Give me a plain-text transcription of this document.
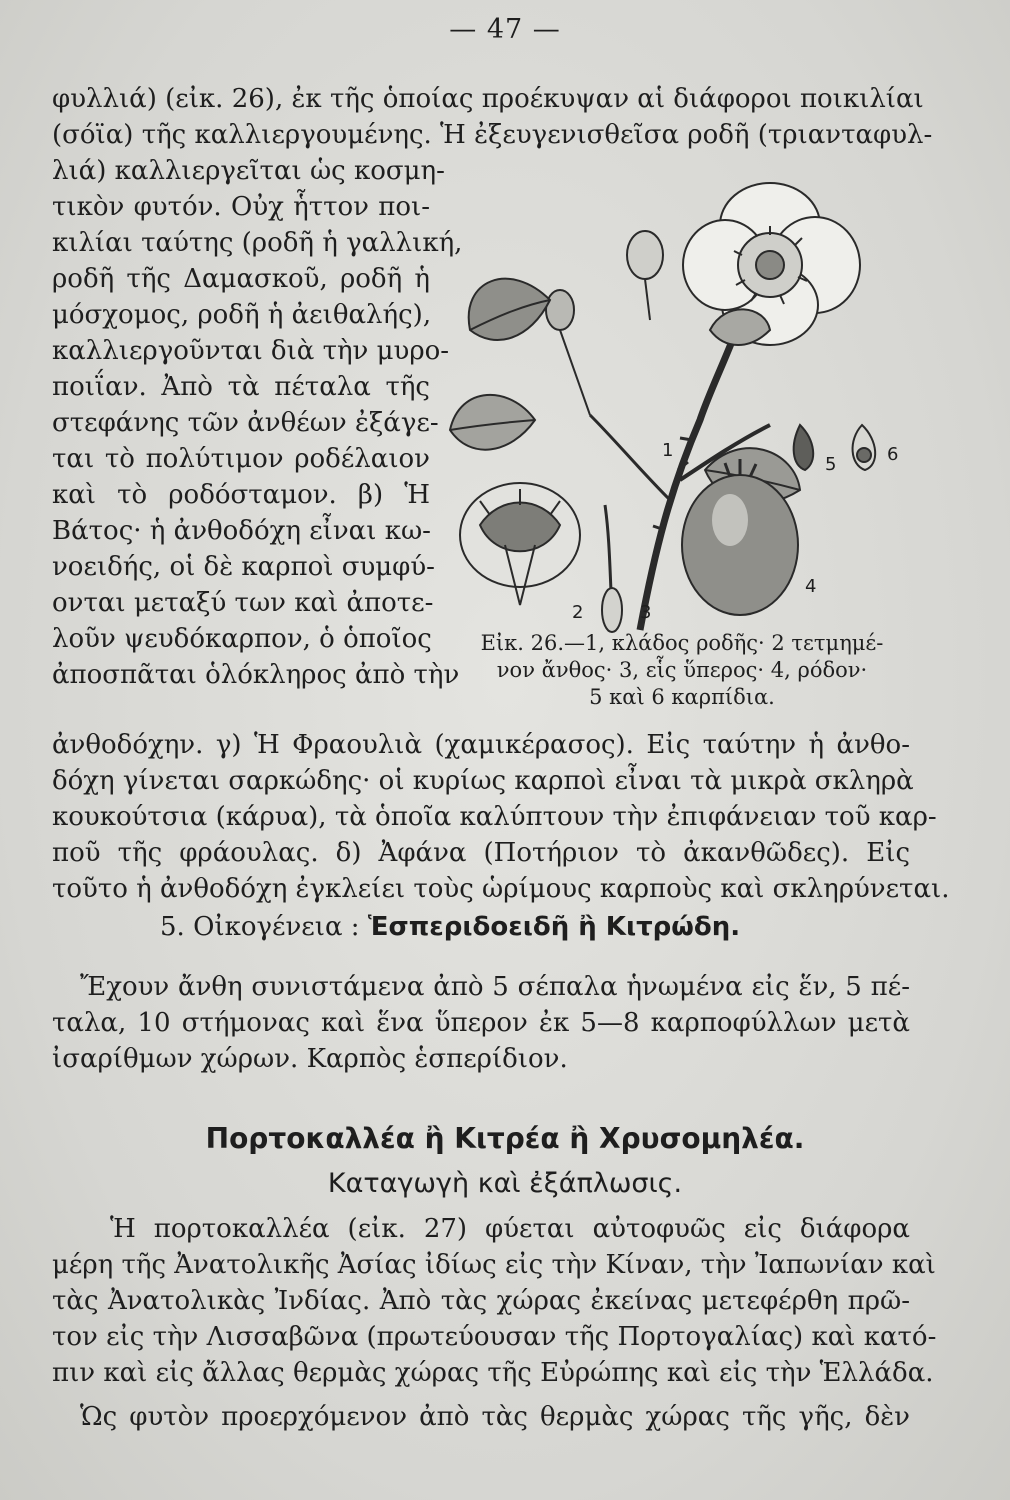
— 47 —
φυλλιά) (εἰκ. 26), ἐκ τῆς ὁποίας προέκυψαν αἱ διάφοροι ποικιλίαι
(σόϊα) τῆς καλλιεργουμένης. Ἡ ἐξευγενισθεῖσα ροδῆ (τριανταφυλ-
λιά) καλλιεργεῖται ὡς κοσμη-
τικὸν φυτόν. Οὐχ ἧττον ποι-
κιλίαι ταύτης (ροδῆ ἡ γαλλική,
ροδῆ τῆς Δαμασκοῦ, ροδῆ ἡ
μόσχομος, ροδῆ ἡ ἀειθαλής),
καλλιεργοῦνται διὰ τὴν μυρο-
ποιΐαν. Ἀπὸ τὰ πέταλα τῆς
στεφάνης τῶν ἀνθέων ἐξάγε-
ται τὸ πολύτιμον ροδέλαιον
καὶ τὸ ροδόσταμον. β) Ἡ
Βάτος· ἡ ἀνθοδόχη εἶναι κω-
νοειδής, οἱ δὲ καρποὶ συμφύ-
ονται μεταξύ των καὶ ἀποτε-
λοῦν ψευδόκαρπον, ὁ ὁποῖος
ἀποσπᾶται ὁλόκληρος ἀπὸ τὴν
1
2	3
4
5	6
Εἰκ. 26.—1, κλάδος ροδῆς· 2 τετμημέ-
νον ἄνθος· 3, εἷς ὕπερος· 4, ρόδον·
5 καὶ 6 καρπίδια.
ἀνθοδόχην. γ) Ἡ Φραουλιὰ (χαμικέρασος). Εἰς ταύτην ἡ ἀνθο-
δόχη γίνεται σαρκώδης· οἱ κυρίως καρποὶ εἶναι τὰ μικρὰ σκληρὰ
κουκούτσια (κάρυα), τὰ ὁποῖα καλύπτουν τὴν ἐπιφάνειαν τοῦ καρ-
ποῦ τῆς φράουλας. δ) Ἀφάνα (Ποτήριον τὸ ἀκανθῶδες). Εἰς
τοῦτο ἡ ἀνθοδόχη ἐγκλείει τοὺς ὡρίμους καρποὺς καὶ σκληρύνεται.
5. Οἰκογένεια : Ἑσπεριδοειδῆ ἢ Κιτρώδη.
Ἔχουν ἄνθη συνιστάμενα ἀπὸ 5 σέπαλα ἡνωμένα εἰς ἕν, 5 πέ-
ταλα, 10 στήμονας καὶ ἕνα ὕπερον ἐκ 5—8 καρποφύλλων μετὰ
ἰσαρίθμων χώρων. Καρπὸς ἑσπερίδιον.
Πορτοκαλλέα ἢ Κιτρέα ἢ Χρυσομηλέα.
Καταγωγὴ καὶ ἐξάπλωσις.
Ἡ πορτοκαλλέα (εἰκ. 27) φύεται αὐτοφυῶς εἰς διάφορα
μέρη τῆς Ἀνατολικῆς Ἀσίας ἰδίως εἰς τὴν Κίναν, τὴν Ἰαπωνίαν καὶ
τὰς Ἀνατολικὰς Ἰνδίας. Ἀπὸ τὰς χώρας ἐκείνας μετεφέρθη πρῶ-
τον εἰς τὴν Λισσαβῶνα (πρωτεύουσαν τῆς Πορτογαλίας) καὶ κατό-
πιν καὶ εἰς ἄλλας θερμὰς χώρας τῆς Εὐρώπης καὶ εἰς τὴν Ἑλλάδα.
Ὡς φυτὸν προερχόμενον ἀπὸ τὰς θερμὰς χώρας τῆς γῆς, δὲν
